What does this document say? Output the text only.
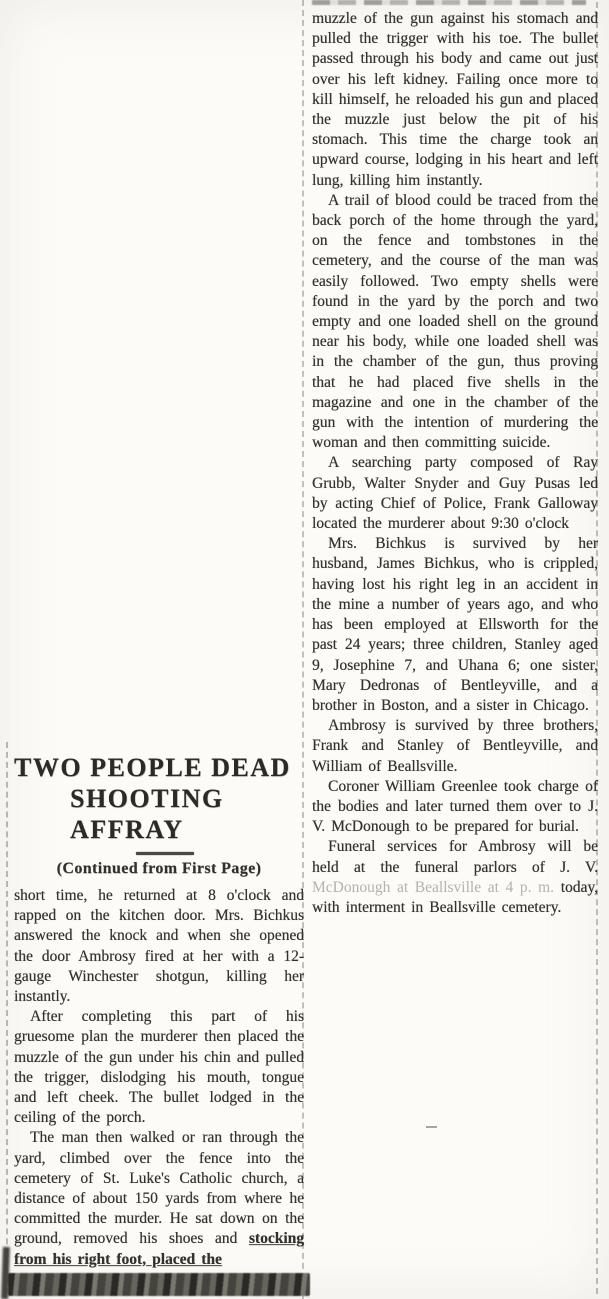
muzzle of the gun against his stomach and pulled the trigger with his toe. The bullet passed through his body and came out just over his left kidney. Failing once more to kill himself, he reloaded his gun and placed the muzzle just below the pit of his stomach. This time the charge took an upward course, lodging in his heart and left lung, killing him instantly.

A trail of blood could be traced from the back porch of the home through the yard, on the fence and tombstones in the cemetery, and the course of the man was easily followed. Two empty shells were found in the yard by the porch and two empty and one loaded shell on the ground near his body, while one loaded shell was in the chamber of the gun, thus proving that he had placed five shells in the magazine and one in the chamber of the gun with the intention of murdering the woman and then committing suicide.

A searching party composed of Ray Grubb, Walter Snyder and Guy Pusas led by acting Chief of Police, Frank Galloway located the murderer about 9:30 o'clock

Mrs. Bichkus is survived by her husband, James Bichkus, who is crippled, having lost his right leg in an accident in the mine a number of years ago, and who has been employed at Ellsworth for the past 24 years; three children, Stanley aged 9, Josephine 7, and Uhana 6; one sister, Mary Dedronas of Bentleyville, and a brother in Boston, and a sister in Chicago.

Ambrosy is survived by three brothers, Frank and Stanley of Bentleyville, and William of Beallsville.

Coroner William Greenlee took charge of the bodies and later turned them over to J. V. McDonough to be prepared for burial.

Funeral services for Ambrosy will be held at the funeral parlors of J. V. McDonough at Beallsville at 4 p. m. today, with interment in Beallsville cemetery.

TWO PEOPLE DEAD
SHOOTING AFFRAY
(Continued from First Page)

short time, he returned at 8 o'clock and rapped on the kitchen door. Mrs. Bichkus answered the knock and when she opened the door Ambrosy fired at her with a 12-gauge Winchester shotgun, killing her instantly.

After completing this part of his gruesome plan the murderer then placed the muzzle of the gun under his chin and pulled the trigger, dislodging his mouth, tongue and left cheek. The bullet lodged in the ceiling of the porch.

The man then walked or ran through the yard, climbed over the fence into the cemetery of St. Luke's Catholic church, a distance of about 150 yards from where he committed the murder. He sat down on the ground, removed his shoes and stocking from his right foot, placed the
